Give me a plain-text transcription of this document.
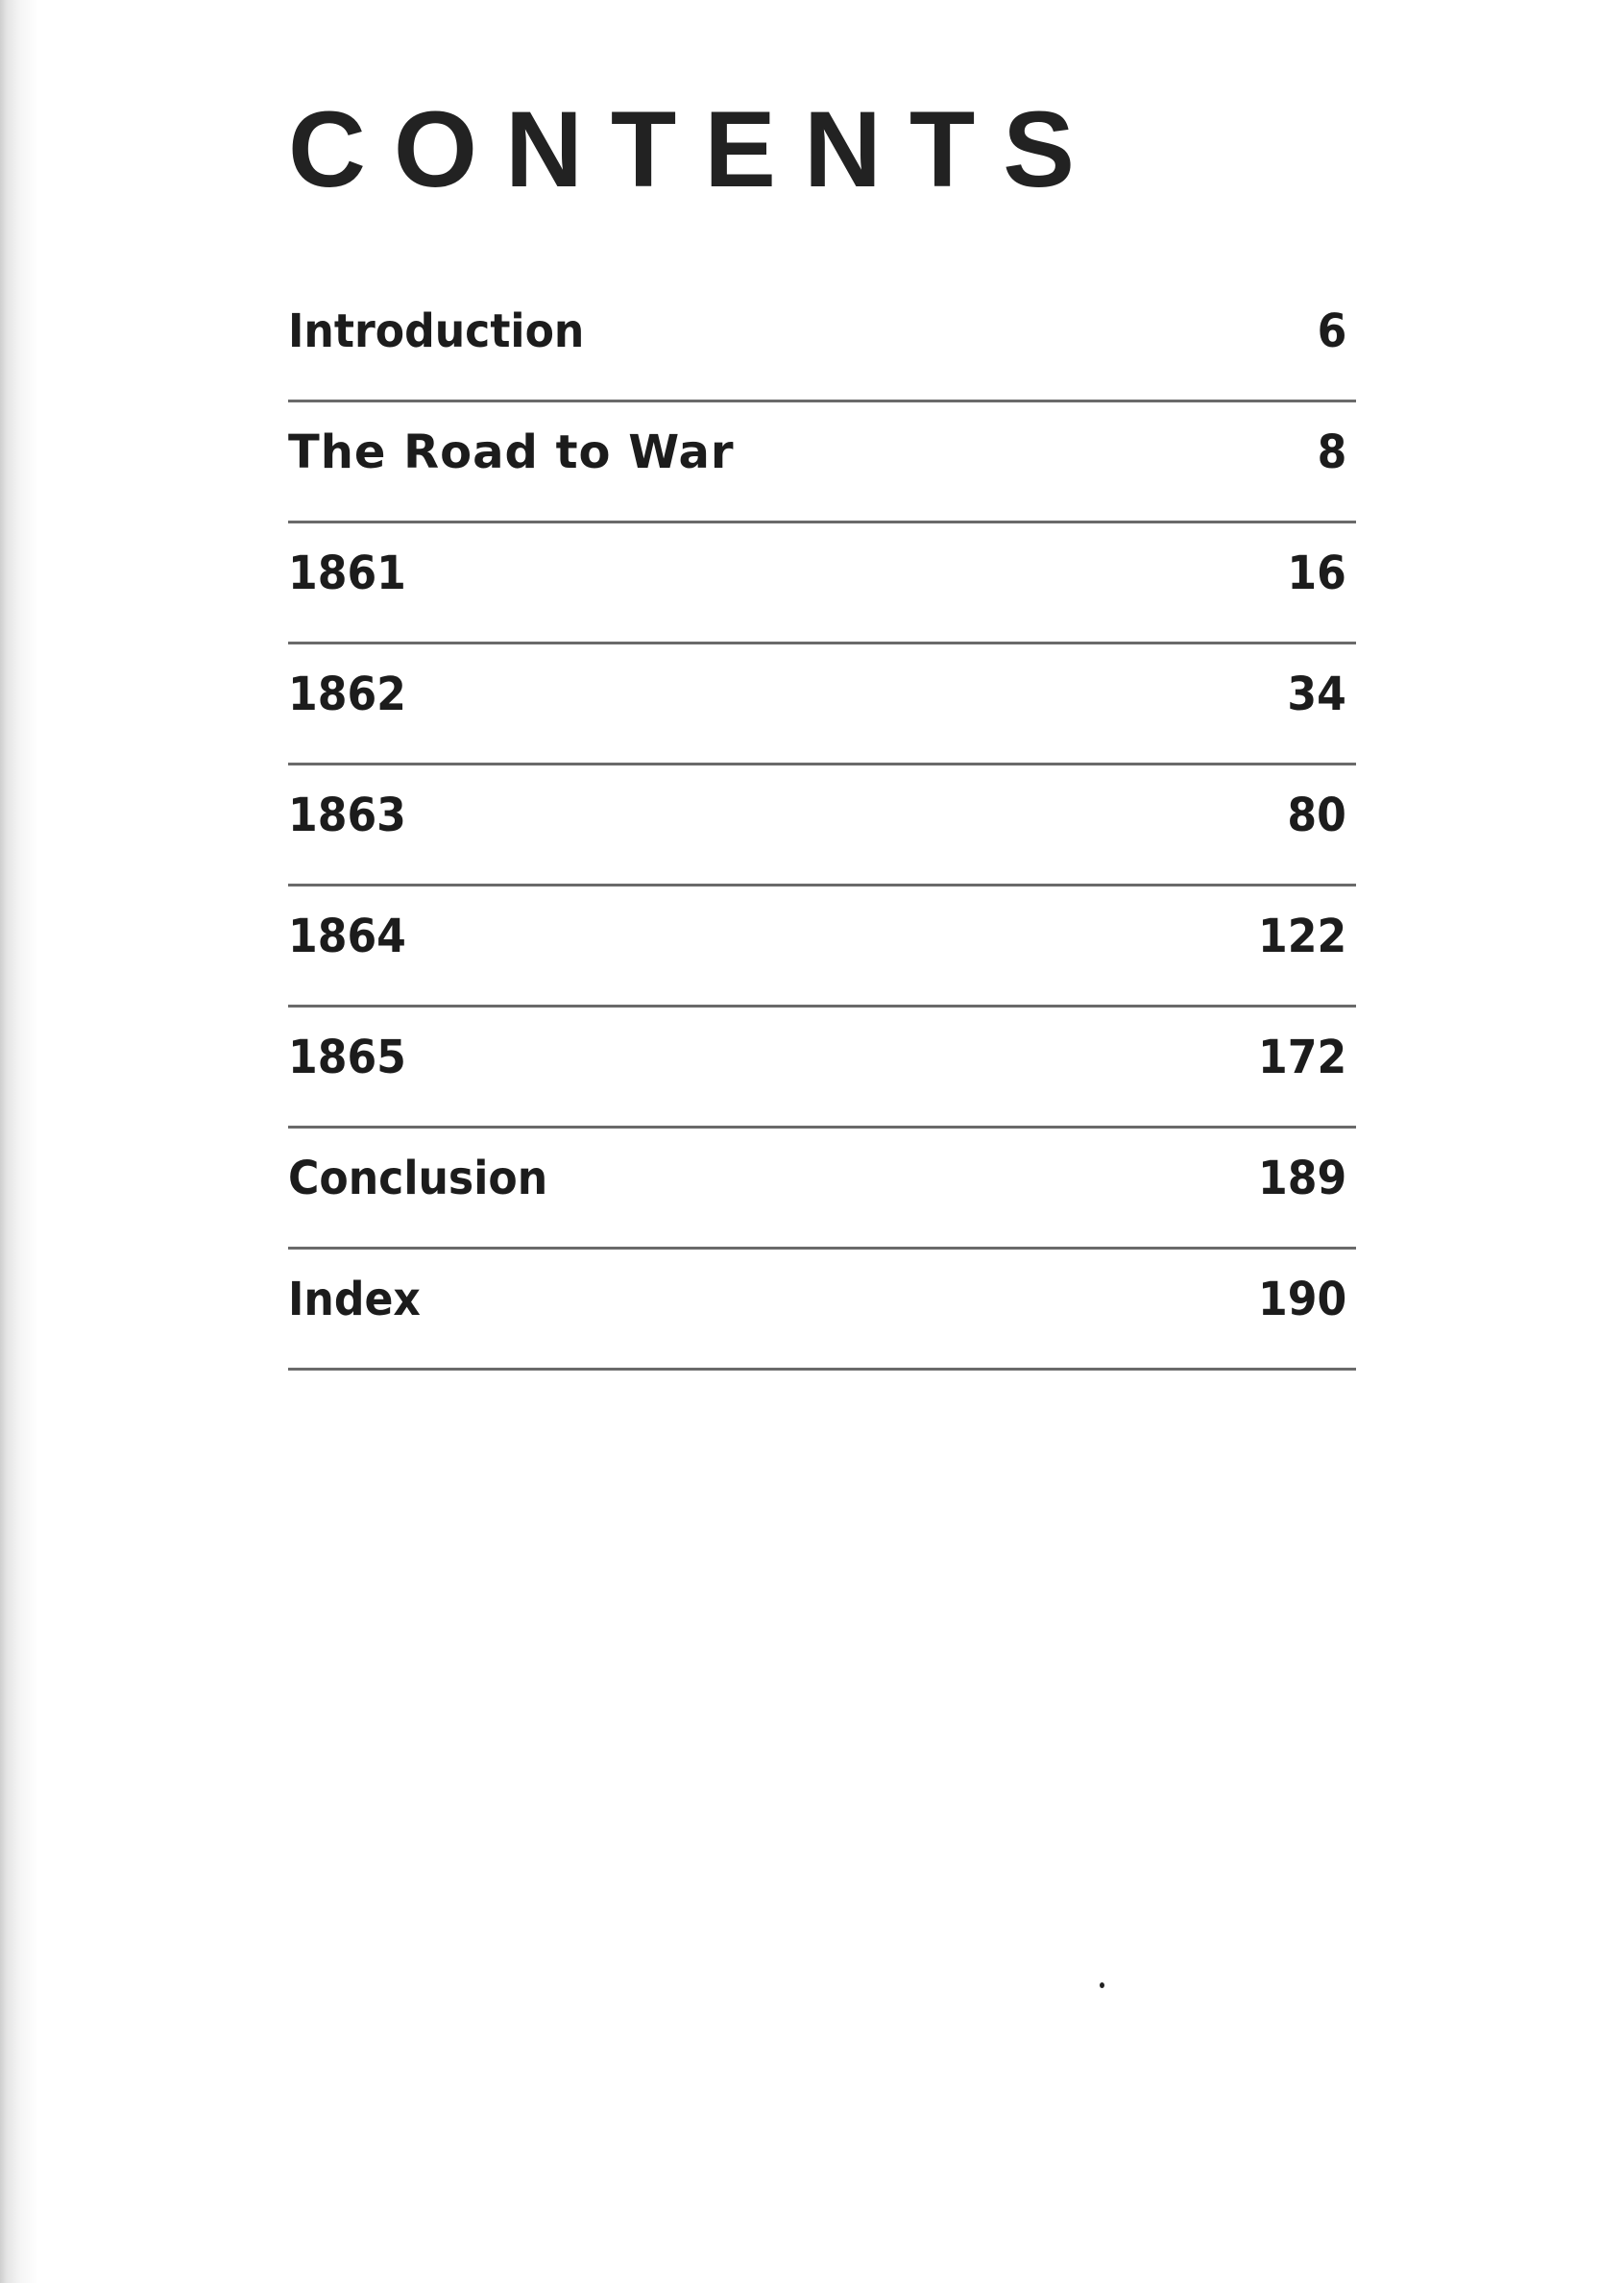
CONTENTS
Introduction	6
The Road to War	8
1861	16
1862	34
1863	80
1864	122
1865	172
Conclusion	189
Index	190
